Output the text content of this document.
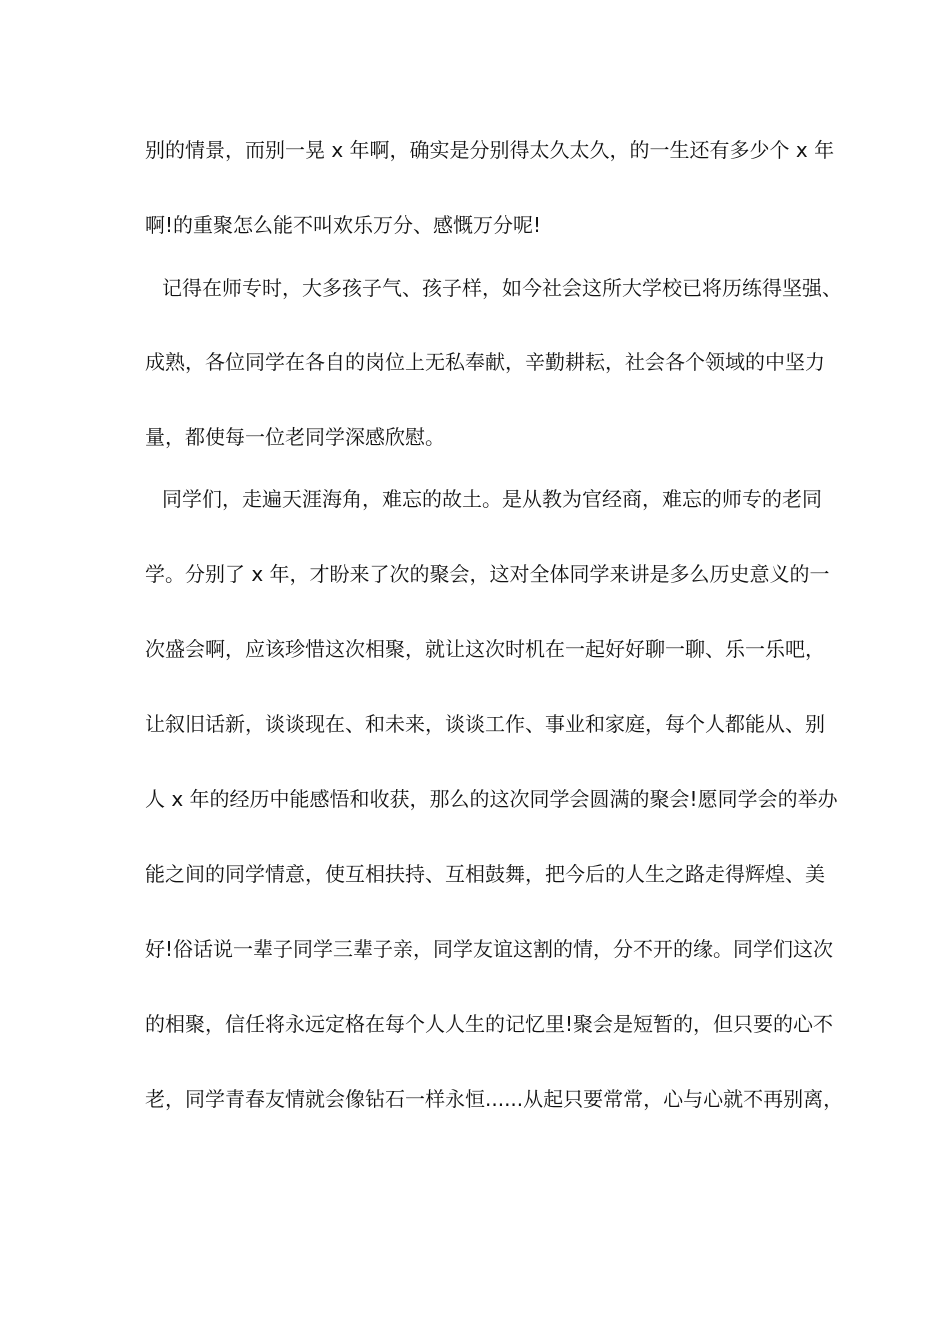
别的情景，而别一晃 x 年啊，确实是分别得太久太久，的一生还有多少个 x 年
啊!的重聚怎么能不叫欢乐万分、感慨万分呢!
记得在师专时，大多孩子气、孩子样，如今社会这所大学校已将历练得坚强、
成熟，各位同学在各自的岗位上无私奉献，辛勤耕耘，社会各个领域的中坚力
量，都使每一位老同学深感欣慰。
同学们，走遍天涯海角，难忘的故土。是从教为官经商，难忘的师专的老同
学。分别了 x 年，才盼来了次的聚会，这对全体同学来讲是多么历史意义的一
次盛会啊，应该珍惜这次相聚，就让这次时机在一起好好聊一聊、乐一乐吧，
让叙旧话新，谈谈现在、和未来，谈谈工作、事业和家庭，每个人都能从、别
人 x 年的经历中能感悟和收获，那么的这次同学会圆满的聚会!愿同学会的举办
能之间的同学情意，使互相扶持、互相鼓舞，把今后的人生之路走得辉煌、美
好!俗话说一辈子同学三辈子亲，同学友谊这割的情，分不开的缘。同学们这次
的相聚，信任将永远定格在每个人人生的记忆里!聚会是短暂的，但只要的心不
老，同学青春友情就会像钻石一样永恒......从起只要常常，心与心就不再别离，
